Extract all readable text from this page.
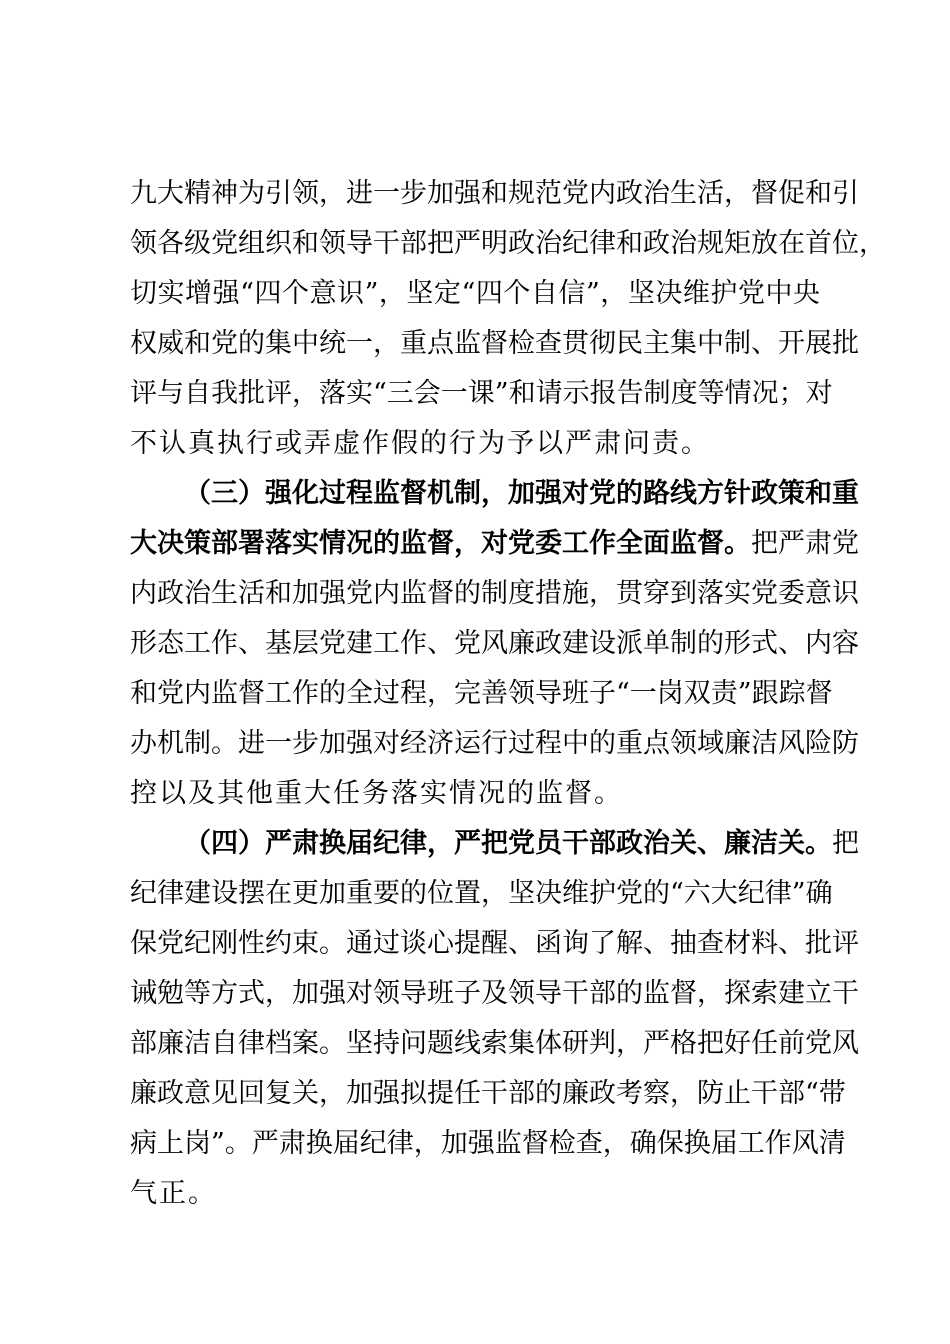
九大精神为引领，进一步加强和规范党内政治生活，督促和引
领各级党组织和领导干部把严明政治纪律和政治规矩放在首位，
切实增强“四个意识”，坚定“四个自信”，坚决维护党中央
权威和党的集中统一，重点监督检查贯彻民主集中制、开展批
评与自我批评，落实“三会一课”和请示报告制度等情况；对
不认真执行或弄虚作假的行为予以严肃问责。
（三）强化过程监督机制，加强对党的路线方针政策和重
大决策部署落实情况的监督，对党委工作全面监督。把严肃党
内政治生活和加强党内监督的制度措施，贯穿到落实党委意识
形态工作、基层党建工作、党风廉政建设派单制的形式、内容
和党内监督工作的全过程，完善领导班子“一岗双责”跟踪督
办机制。进一步加强对经济运行过程中的重点领域廉洁风险防
控以及其他重大任务落实情况的监督。
（四）严肃换届纪律，严把党员干部政治关、廉洁关。把
纪律建设摆在更加重要的位置，坚决维护党的“六大纪律”确
保党纪刚性约束。通过谈心提醒、函询了解、抽查材料、批评
诫勉等方式，加强对领导班子及领导干部的监督，探索建立干
部廉洁自律档案。坚持问题线索集体研判，严格把好任前党风
廉政意见回复关，加强拟提任干部的廉政考察，防止干部“带
病上岗”。严肃换届纪律，加强监督检查，确保换届工作风清
气正。
